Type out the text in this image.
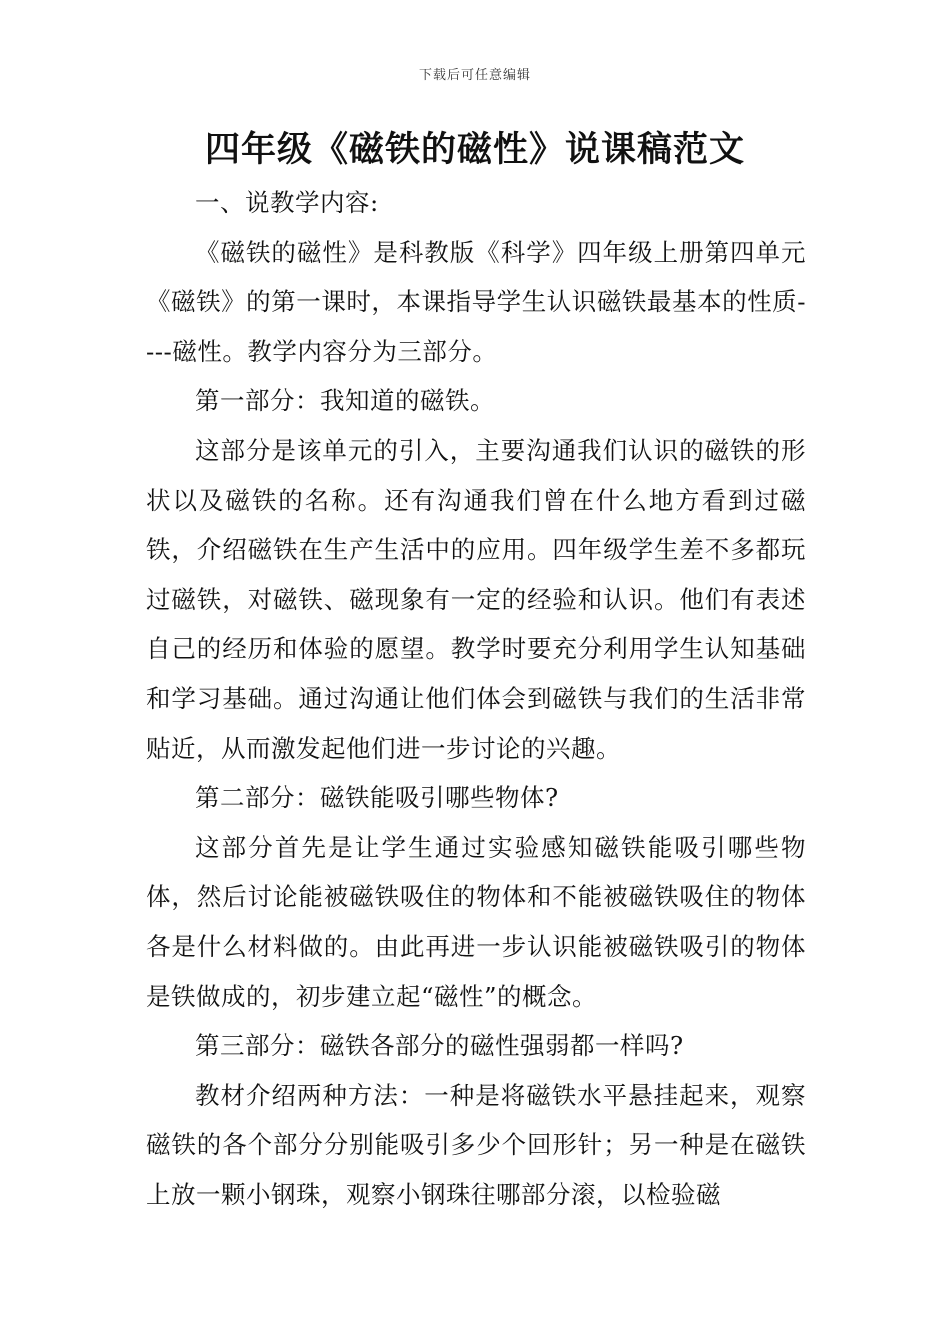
下载后可任意编辑
四年级《磁铁的磁性》说课稿范文

一、说教学内容:

《磁铁的磁性》是科教版《科学》四年级上册第四单元《磁铁》的第一课时，本课指导学生认识磁铁最基本的性质----磁性。教学内容分为三部分。

第一部分：我知道的磁铁。

这部分是该单元的引入，主要沟通我们认识的磁铁的形状以及磁铁的名称。还有沟通我们曾在什么地方看到过磁铁，介绍磁铁在生产生活中的应用。四年级学生差不多都玩过磁铁，对磁铁、磁现象有一定的经验和认识。他们有表述自己的经历和体验的愿望。教学时要充分利用学生认知基础和学习基础。通过沟通让他们体会到磁铁与我们的生活非常贴近，从而激发起他们进一步讨论的兴趣。

第二部分：磁铁能吸引哪些物体?

这部分首先是让学生通过实验感知磁铁能吸引哪些物体，然后讨论能被磁铁吸住的物体和不能被磁铁吸住的物体各是什么材料做的。由此再进一步认识能被磁铁吸引的物体是铁做成的，初步建立起“磁性”的概念。

第三部分：磁铁各部分的磁性强弱都一样吗?

教材介绍两种方法：一种是将磁铁水平悬挂起来，观察磁铁的各个部分分别能吸引多少个回形针；另一种是在磁铁上放一颗小钢珠，观察小钢珠往哪部分滚，以检验磁
